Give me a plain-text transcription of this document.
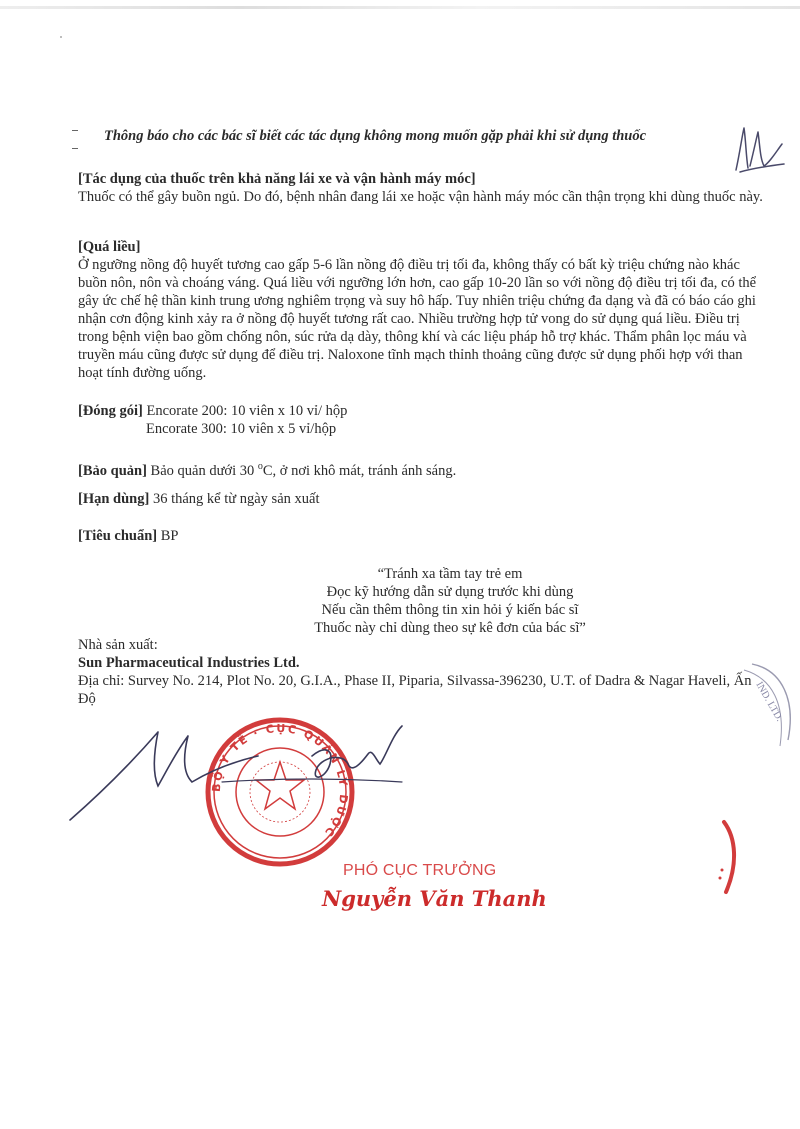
Thông báo cho các bác sĩ biết các tác dụng không mong muốn gặp phải khi sử dụng thuốc

[Tác dụng của thuốc trên khả năng lái xe và vận hành máy móc]

Thuốc có thể gây buồn ngủ. Do đó, bệnh nhân đang lái xe hoặc vận hành máy móc cần thận trọng khi dùng thuốc này.

[Quá liều]

Ở ngưỡng nồng độ huyết tương cao gấp 5-6 lần nồng độ điều trị tối đa, không thấy có bất kỳ triệu chứng nào khác buồn nôn, nôn và choáng váng. Quá liều với ngưỡng lớn hơn, cao gấp 10-20 lần so với nồng độ điều trị tối đa, có thể gây ức chế hệ thần kinh trung ương nghiêm trọng và suy hô hấp. Tuy nhiên triệu chứng đa dạng và đã có báo cáo ghi nhận cơn động kinh xảy ra ở nồng độ huyết tương rất cao. Nhiều trường hợp tử vong do sử dụng quá liều. Điều trị trong bệnh viện bao gồm chống nôn, súc rửa dạ dày, thông khí và các liệu pháp hỗ trợ khác. Thẩm phân lọc máu và truyền máu cũng được sử dụng để điều trị. Naloxone tĩnh mạch thỉnh thoảng cũng được sử dụng phối hợp với than hoạt tính đường uống.

[Đóng gói] Encorate 200: 10 viên x 10 vỉ/ hộp

Encorate 300: 10 viên x 5 vỉ/hộp

[Bảo quản] Bảo quản dưới 30 $^o$C, ở nơi khô mát, tránh ánh sáng.

[Hạn dùng] 36 tháng kể từ ngày sản xuất

[Tiêu chuẩn] BP

“Tránh xa tầm tay trẻ em

Đọc kỹ hướng dẫn sử dụng trước khi dùng

Nếu cần thêm thông tin xin hỏi ý kiến bác sĩ

Thuốc này chỉ dùng theo sự kê đơn của bác sĩ”

Nhà sản xuất:

Sun Pharmaceutical Industries Ltd.

Địa chỉ: Survey No. 214, Plot No. 20, G.I.A., Phase II, Piparia, Silvassa-396230, U.T. of Dadra & Nagar Haveli, Ấn Độ	IND. LTD.
BỘ Y TẾ · CỤC QUẢN LÝ DƯỢC
PHÓ CỤC TRƯỞNG
Nguyễn Văn Thanh
